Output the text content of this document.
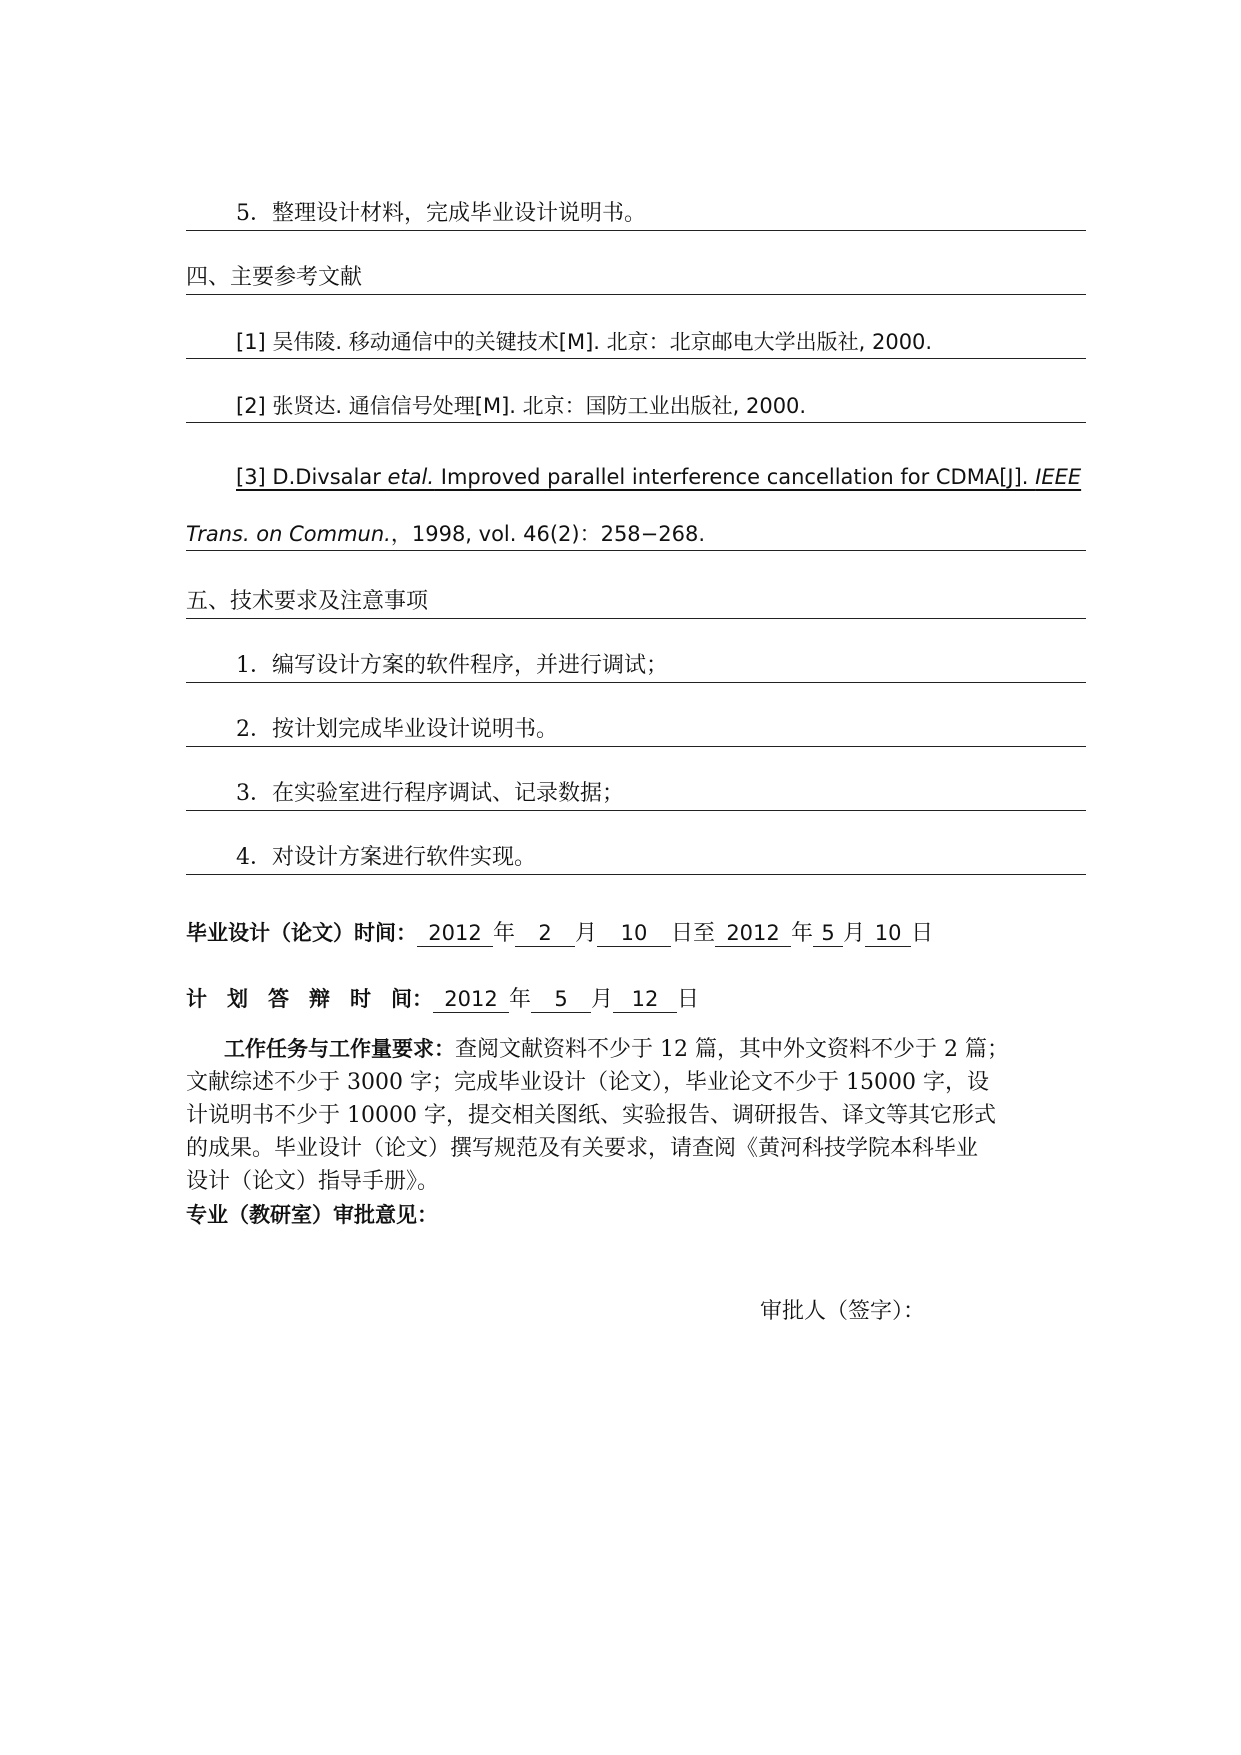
5．整理设计材料，完成毕业设计说明书。
四、主要参考文献
[1] 吴伟陵. 移动通信中的关键技术[M]. 北京：北京邮电大学出版社, 2000.
[2] 张贤达. 通信信号处理[M]. 北京：国防工业出版社, 2000.
[3] D.Divsalar etal. Improved parallel interference cancellation for CDMA[J]. IEEE
Trans. on Commun.，1998, vol. 46(2)：258−268.
五、技术要求及注意事项
1．编写设计方案的软件程序，并进行调试；
2．按计划完成毕业设计说明书。
3．在实验室进行程序调试、记录数据；
4．对设计方案进行软件实现。
毕业设计（论文）时间： 2012 年 2 月 10 日至 2012 年 5 月 10 日
计 划 答 辩 时 间： 2012 年 5 月 12 日
工作任务与工作量要求：查阅文献资料不少于 12 篇，其中外文资料不少于 2 篇；
文献综述不少于 3000 字；完成毕业设计（论文），毕业论文不少于 15000 字，设
计说明书不少于 10000 字，提交相关图纸、实验报告、调研报告、译文等其它形式
的成果。毕业设计（论文）撰写规范及有关要求，请查阅《黄河科技学院本科毕业
设计（论文）指导手册》。
专业（教研室）审批意见：
审批人（签字）：
